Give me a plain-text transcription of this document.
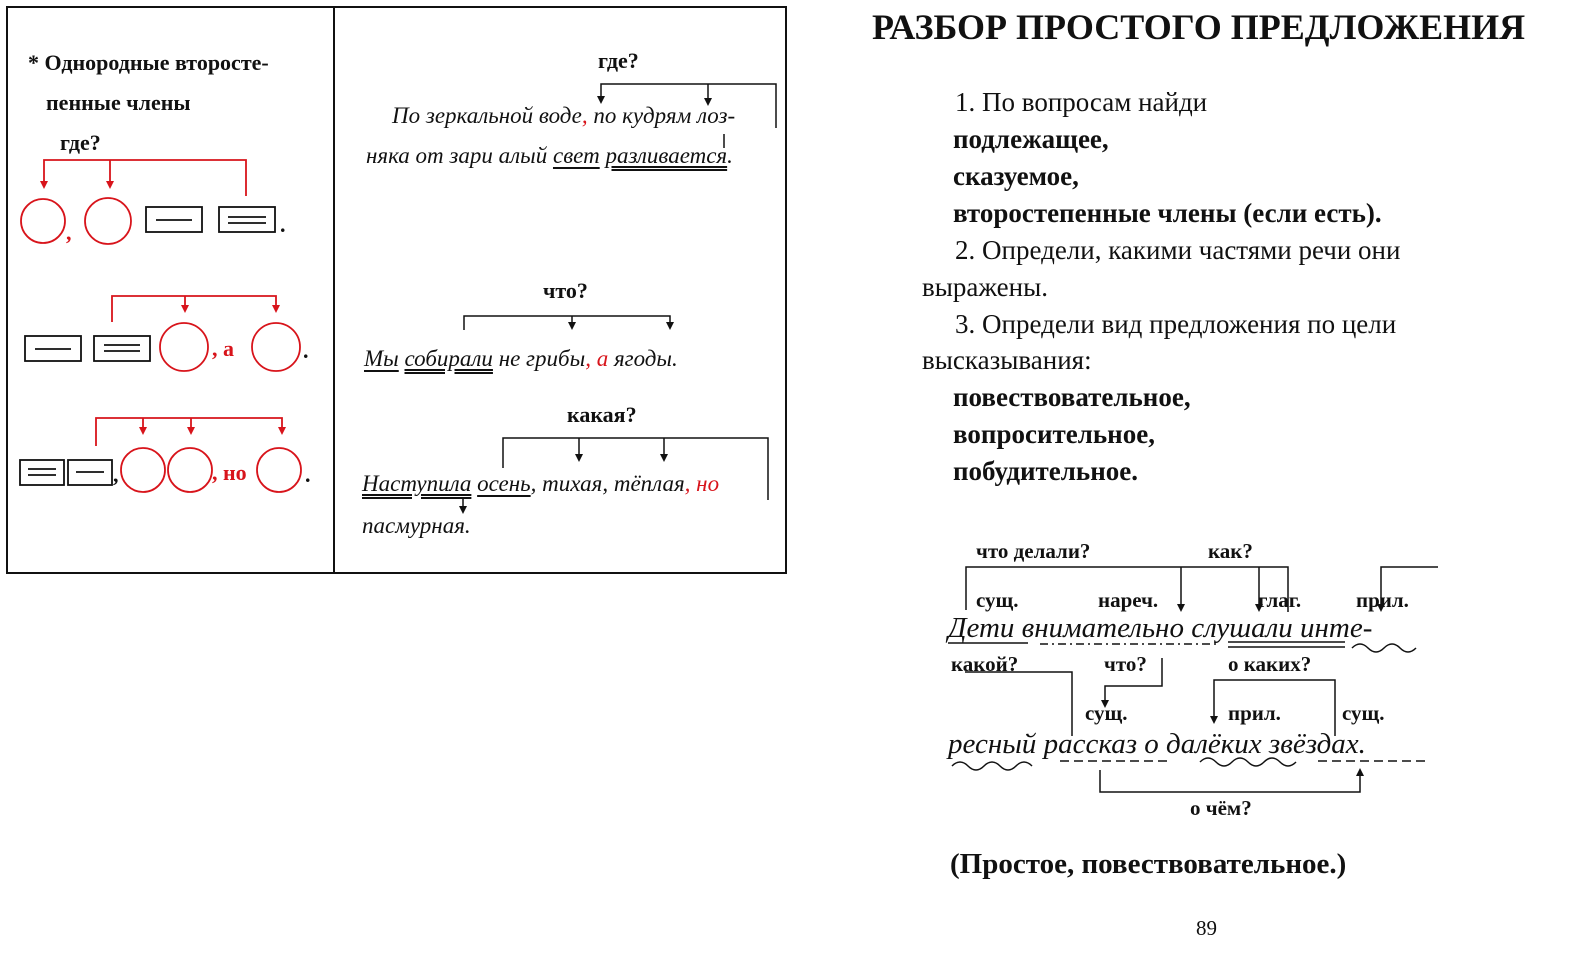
* Однородные второсте-
пенные члены
где?
,	.
, а	.
,	, но	.
где?
По зеркальной воде, по кудрям лоз-
няка от зари алый свет разливается.
что?
Мы собирали не грибы, а ягоды.
какая?
Наступила осень, тихая, тёплая, но
пасмурная.
РАЗБОР ПРОСТОГО ПРЕДЛОЖЕНИЯ
1. По вопросам найди
подлежащее,
сказуемое,
второстепенные члены (если есть).
2. Определи, какими частями речи они
выражены.
3. Определи вид предложения по цели
высказывания:
повествовательное,
вопросительное,
побудительное.
что делали?	как?
сущ.	нареч.	глаг.	прил.
Дети внимательно слушали инте-
какой?	что?	о каких?
сущ.	прил.	сущ.
ресный рассказ о далёких звёздах.
о чём?
(Простое, повествовательное.)
89
